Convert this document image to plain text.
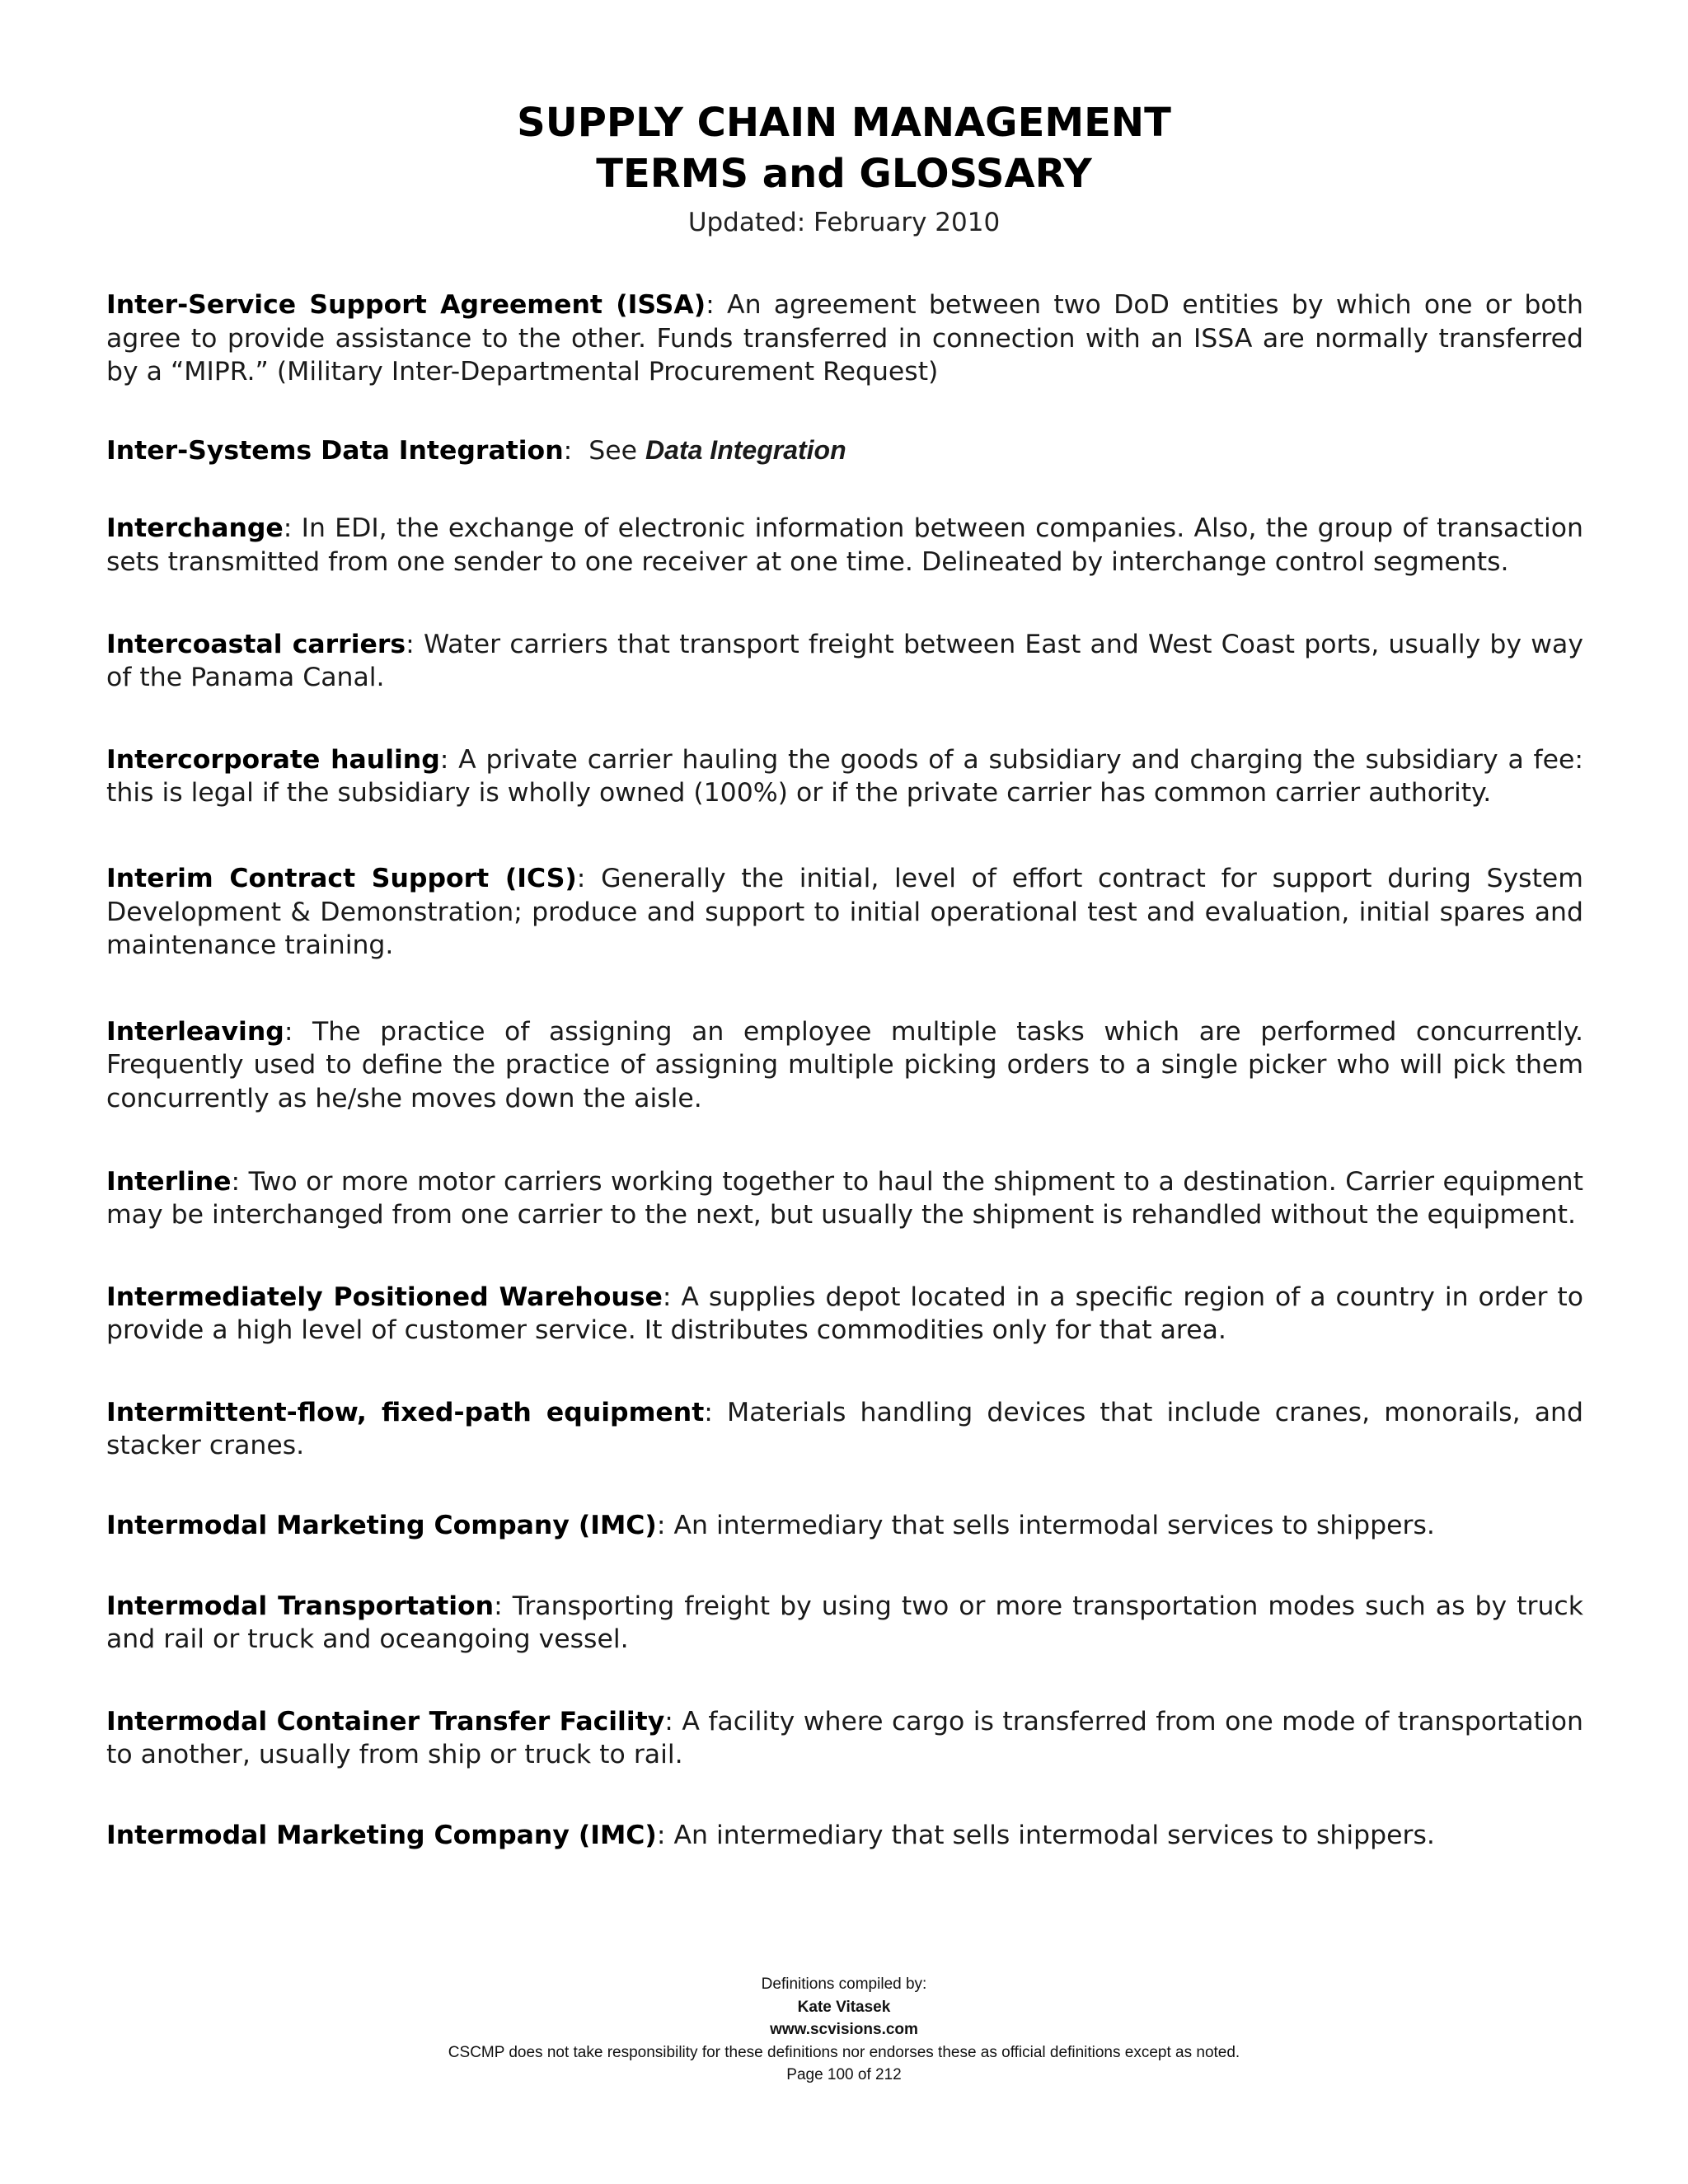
SUPPLY CHAIN MANAGEMENT
TERMS and GLOSSARY
Updated: February 2010
Inter-Service Support Agreement (ISSA): An agreement between two DoD entities by which one or both agree to provide assistance to the other. Funds transferred in connection with an ISSA are normally transferred by a “MIPR.” (Military Inter-Departmental Procurement Request)
Inter-Systems Data Integration:  See Data Integration
Interchange: In EDI, the exchange of electronic information between companies. Also, the group of transaction sets transmitted from one sender to one receiver at one time. Delineated by interchange control segments.
Intercoastal carriers: Water carriers that transport freight between East and West Coast ports, usually by way of the Panama Canal.
Intercorporate hauling: A private carrier hauling the goods of a subsidiary and charging the subsidiary a fee: this is legal if the subsidiary is wholly owned (100%) or if the private carrier has common carrier authority.
Interim Contract Support (ICS): Generally the initial, level of effort contract for support during System Development & Demonstration; produce and support to initial operational test and evaluation, initial spares and maintenance training.
Interleaving: The practice of assigning an employee multiple tasks which are performed concurrently. Frequently used to define the practice of assigning multiple picking orders to a single picker who will pick them concurrently as he/she moves down the aisle.
Interline: Two or more motor carriers working together to haul the shipment to a destination. Carrier equipment may be interchanged from one carrier to the next, but usually the shipment is rehandled without the equipment.
Intermediately Positioned Warehouse: A supplies depot located in a specific region of a country in order to provide a high level of customer service. It distributes commodities only for that area.
Intermittent-flow, fixed-path equipment: Materials handling devices that include cranes, monorails, and stacker cranes.
Intermodal Marketing Company (IMC): An intermediary that sells intermodal services to shippers.
Intermodal Transportation: Transporting freight by using two or more transportation modes such as by truck and rail or truck and oceangoing vessel.
Intermodal Container Transfer Facility: A facility where cargo is transferred from one mode of transportation to another, usually from ship or truck to rail.
Intermodal Marketing Company (IMC): An intermediary that sells intermodal services to shippers.
Definitions compiled by:
Kate Vitasek
www.scvisions.com
CSCMP does not take responsibility for these definitions nor endorses these as official definitions except as noted.
Page 100 of 212
